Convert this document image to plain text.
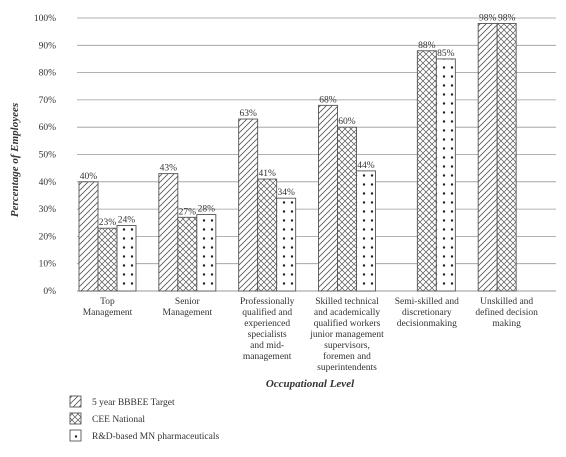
0%
10%
20%
30%
40%
50%
60%
70%
80%
90%
100%
40%
23% 24%
43%
27% 28%
63%
41%
34%
68%
60%
44%
88%
85%
98% 98%
Top
Management
Senior
Management
Professionally
qualified and
experienced
specialists
and mid-
management
Skilled technical
and academically
qualified workers
junior management
supervisors,
foremen and
superintendents
Semi-skilled and
discretionary
decisionmaking
Unskilled and
defined decision
making
Percentage of Employees
Occupational Level
5 year BBBEE Target
CEE National
R&D-based MN pharmaceuticals
